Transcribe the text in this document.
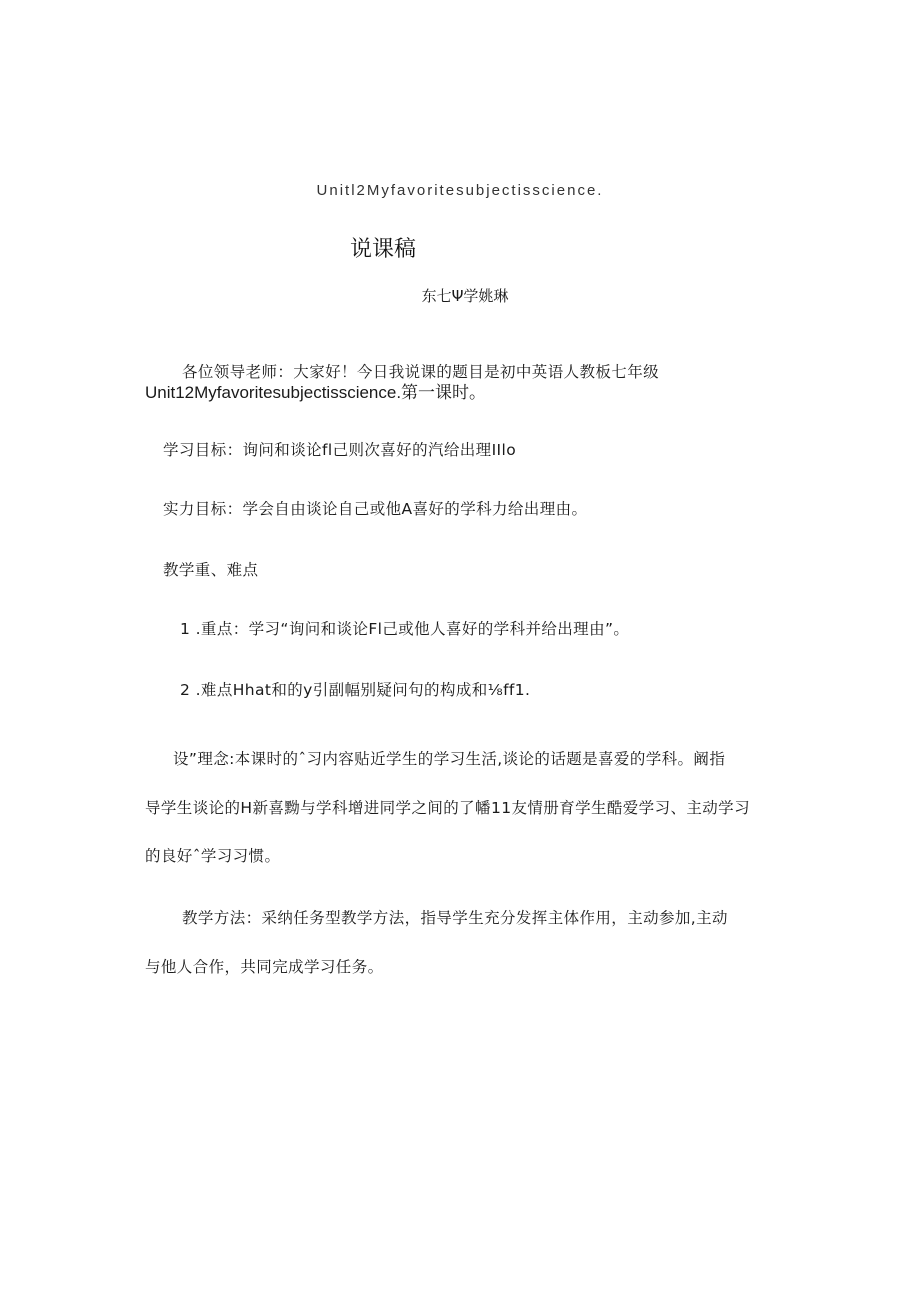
Unitl2Myfavoritesubjectisscience.
说课稿
东七Ψ学姚琳
各位领导老师：大家好！今日我说课的题目是初中英语人教板七年级
Unit12Myfavoritesubjectisscience.第一课时。
学习目标：询问和谈论fl己则次喜好的汽给出理IIlo
实力目标：学会自由谈论自己或他A喜好的学科力给出理由。
教学重、难点
1 .重点：学习“询问和谈论Fl己或他人喜好的学科并给出理由”。
2 .难点Hhat和的y引副幅别疑问句的构成和⅛ff1.
设”理念:本课时的ˆ习内容贴近学生的学习生活,谈论的话题是喜爱的学科。阚指
导学生谈论的H新喜黝与学科增进同学之间的了幡11友情册育学生酷爱学习、主动学习
的良好ˆ学习习惯。
教学方法：采纳任务型教学方法，指导学生充分发挥主体作用，主动参加,主动
与他人合作，共同完成学习任务。
